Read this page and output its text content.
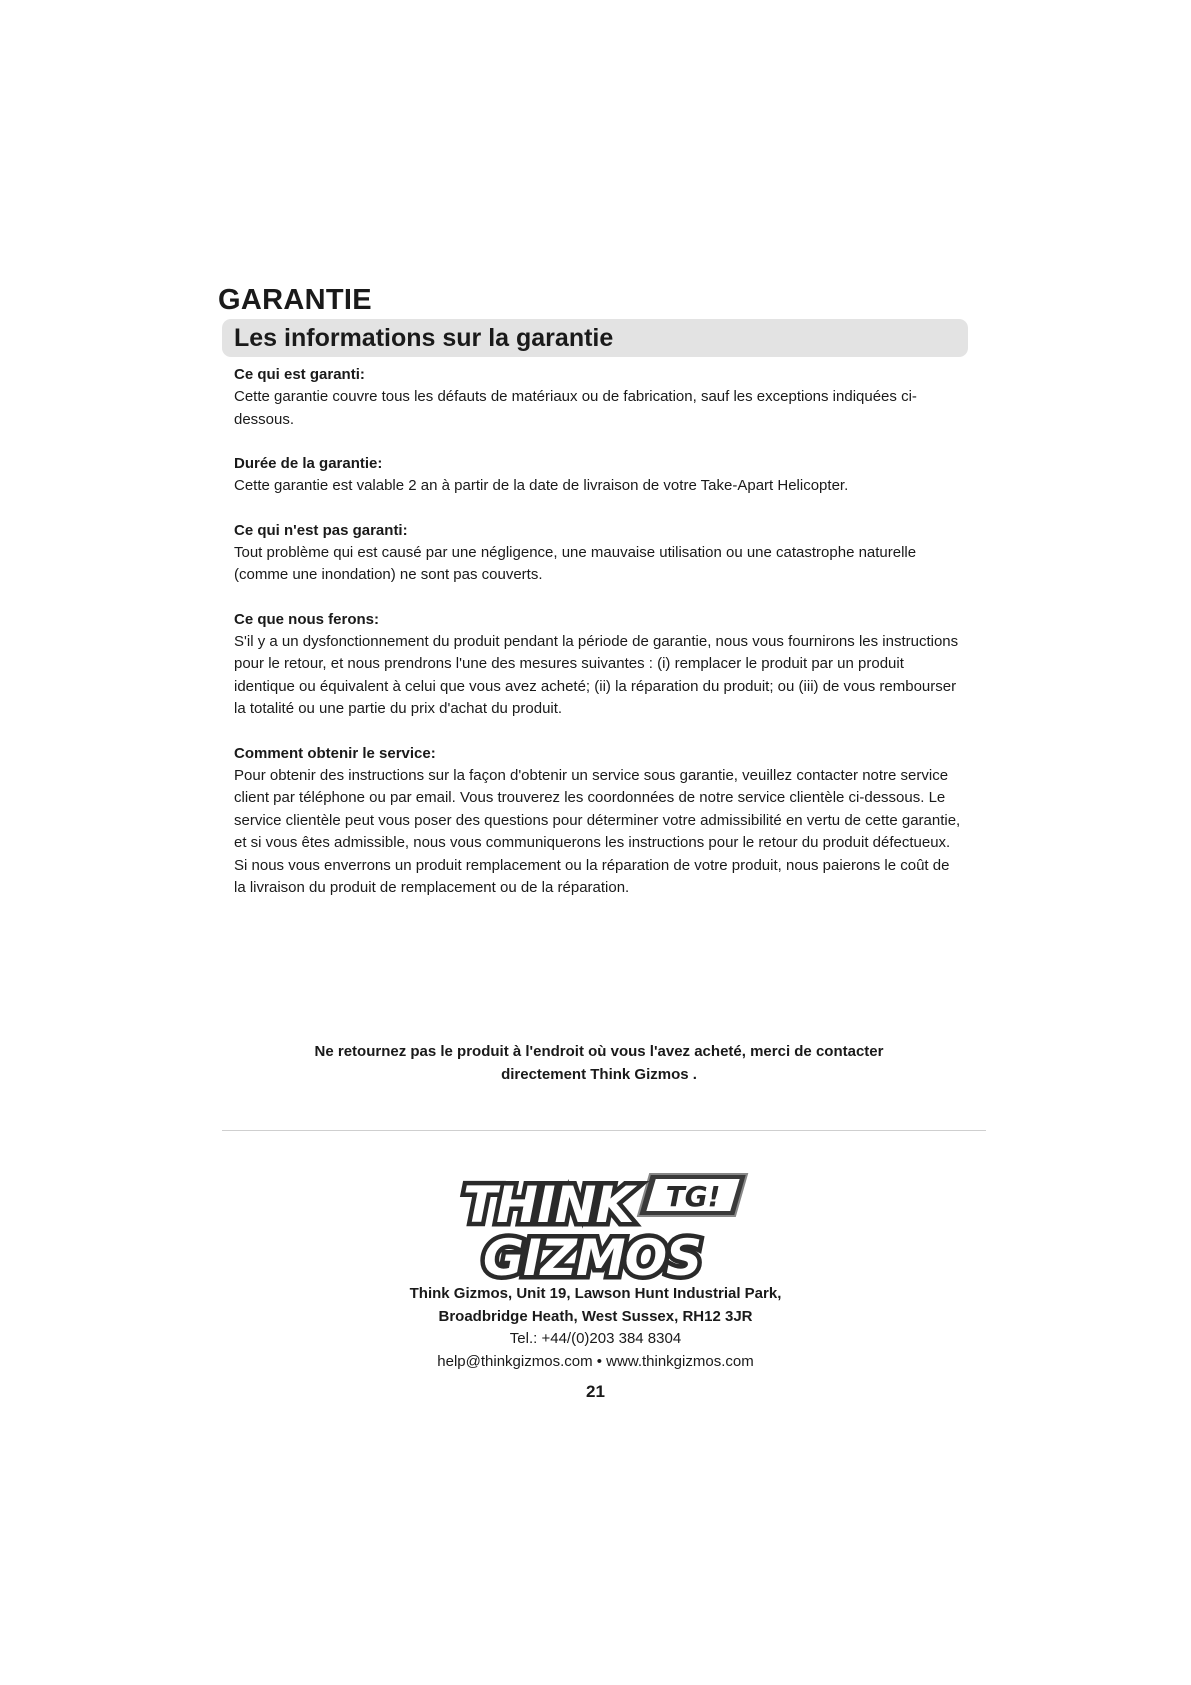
GARANTIE
Les informations sur la garantie
Ce qui est garanti:

Cette garantie couvre tous les défauts de matériaux ou de fabrication, sauf les exceptions indiquées ci-dessous.

Durée de la garantie:

Cette garantie est valable 2 an à partir de la date de livraison de votre Take-Apart Helicopter.

Ce qui n'est pas garanti:

Tout problème qui est causé par une négligence, une mauvaise utilisation ou une catastrophe naturelle (comme une inondation) ne sont pas couverts.

Ce que nous ferons:

S'il y a un dysfonctionnement du produit pendant la période de garantie, nous vous fournirons les instructions pour le retour, et nous prendrons l'une des mesures suivantes : (i) remplacer le produit par un produit identique ou équivalent à celui que vous avez acheté; (ii) la réparation du produit; ou (iii) de vous rembourser la totalité ou une partie du prix d'achat du produit.

Comment obtenir le service:

Pour obtenir des instructions sur la façon d'obtenir un service sous garantie, veuillez contacter notre service client par téléphone ou par email. Vous trouverez les coordonnées de notre service clientèle ci-dessous. Le service clientèle peut vous poser des questions pour déterminer votre admissibilité en vertu de cette garantie, et si vous êtes admissible, nous vous communiquerons les instructions pour le retour du produit défectueux. Si nous vous enverrons un produit remplacement ou la réparation de votre produit, nous paierons le coût de la livraison du produit de remplacement ou de la réparation.

Ne retournez pas le produit à l'endroit où vous l'avez acheté, merci de contacter
directement Think Gizmos .
TG!
THINK
GIZMOS
Think Gizmos, Unit 19, Lawson Hunt Industrial Park,
Broadbridge Heath, West Sussex, RH12 3JR
Tel.: +44/(0)203 384 8304
help@thinkgizmos.com • www.thinkgizmos.com
21
